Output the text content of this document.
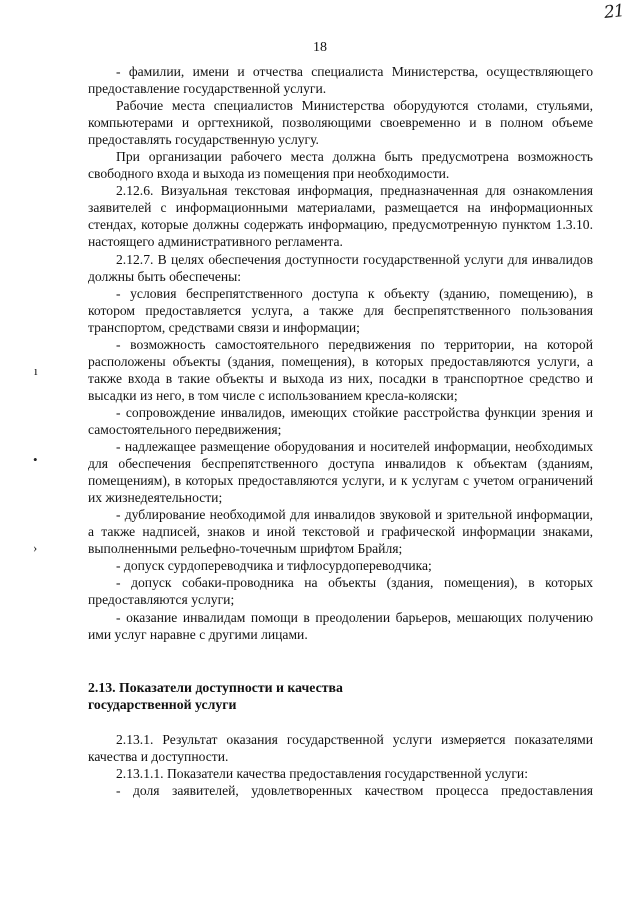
18
21
ı
•
›

- фамилии, имени и отчества специалиста Министерства, осуществляющего предоставление государственной услуги.

Рабочие места специалистов Министерства оборудуются столами, стульями, компьютерами и оргтехникой, позволяющими своевременно и в полном объеме предоставлять государственную услугу.

При организации рабочего места должна быть предусмотрена возможность свободного входа и выхода из помещения при необходимости.

2.12.6. Визуальная текстовая информация, предназначенная для ознакомления заявителей с информационными материалами, размещается на информационных стендах, которые должны содержать информацию, предусмотренную пунктом 1.3.10. настоящего административного регламента.

2.12.7. В целях обеспечения доступности государственной услуги для инвалидов должны быть обеспечены:

- условия беспрепятственного доступа к объекту (зданию, помещению), в котором предоставляется услуга, а также для беспрепятственного пользования транспортом, средствами связи и информации;

- возможность самостоятельного передвижения по территории, на которой расположены объекты (здания, помещения), в которых предоставляются услуги, а также входа в такие объекты и выхода из них, посадки в транспортное средство и высадки из него, в том числе с использованием кресла-коляски;

- сопровождение инвалидов, имеющих стойкие расстройства функции зрения и самостоятельного передвижения;

- надлежащее размещение оборудования и носителей информации, необходимых для обеспечения беспрепятственного доступа инвалидов к объектам (зданиям, помещениям), в которых предоставляются услуги, и к услугам с учетом ограничений их жизнедеятельности;

- дублирование необходимой для инвалидов звуковой и зрительной информации, а также надписей, знаков и иной текстовой и графической информации знаками, выполненными рельефно-точечным шрифтом Брайля;

- допуск сурдопереводчика и тифлосурдопереводчика;

- допуск собаки-проводника на объекты (здания, помещения), в которых предоставляются услуги;

- оказание инвалидам помощи в преодолении барьеров, мешающих получению ими услуг наравне с другими лицами.

2.13. Показатели доступности и качества

государственной услуги

2.13.1. Результат оказания государственной услуги измеряется показателями качества и доступности.

2.13.1.1. Показатели качества предоставления государственной услуги:

- доля заявителей, удовлетворенных качеством процесса предоставления
